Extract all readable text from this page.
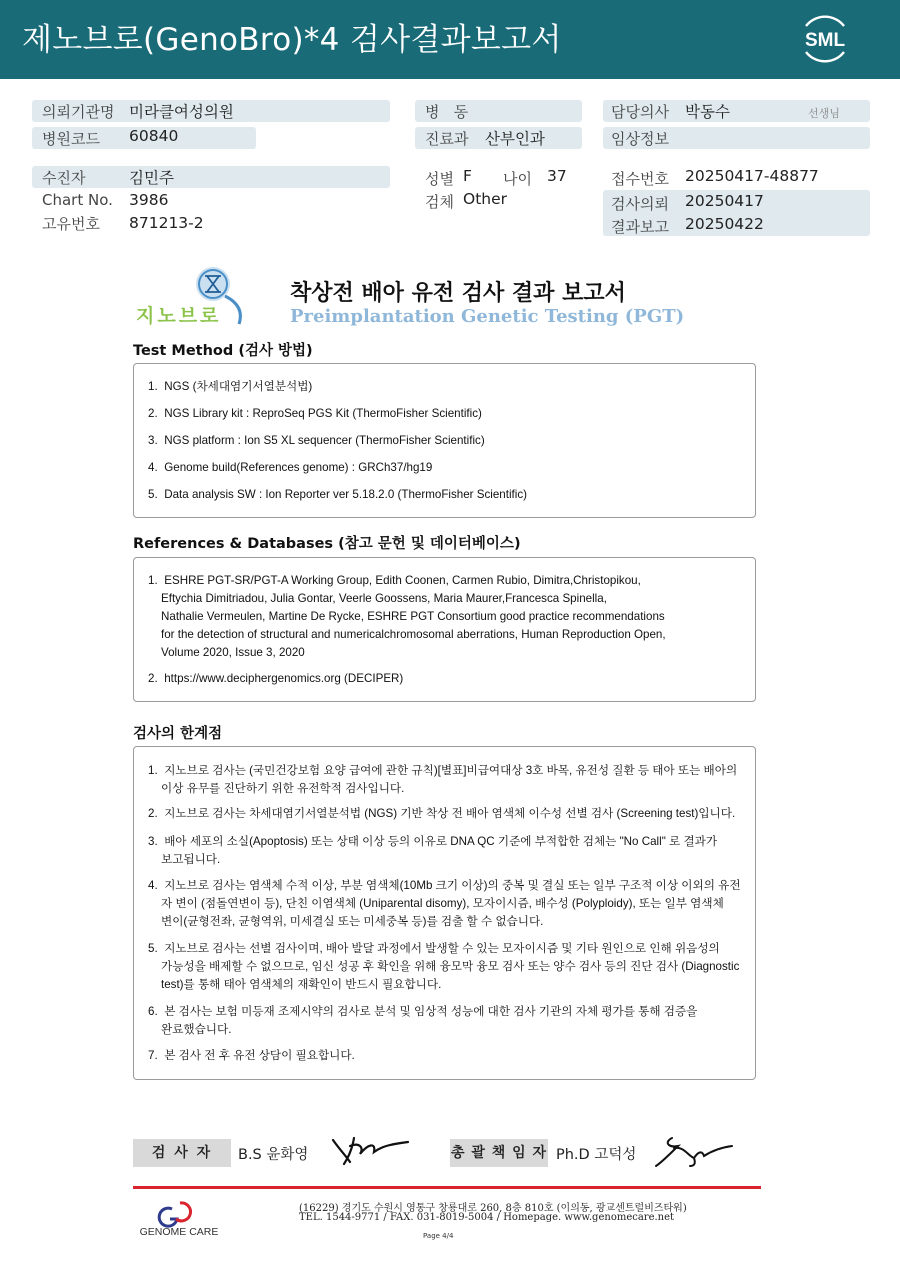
제노브로(GenoBro)*4 검사결과보고서	SML
의뢰기관명 미라클여성의원
병원코드 60840
병   동
진료과 산부인과
담당의사 박동수	선생님
임상정보
수진자	김민주
Chart No. 3986
고유번호 871213-2
성별 F 나이 37
검체 Other
접수번호 20250417-48877
검사의뢰 20250417
결과보고 20250422
지노브로
착상전 배아 유전 검사 결과 보고서
Preimplantation Genetic Testing (PGT)
Test Method (검사 방법)
1. NGS (차세대염기서열분석법)
2. NGS Library kit : ReproSeq PGS Kit (ThermoFisher Scientific)
3. NGS platform : Ion S5 XL sequencer (ThermoFisher Scientific)
4. Genome build(References genome) : GRCh37/hg19
5. Data analysis SW : Ion Reporter ver 5.18.2.0 (ThermoFisher Scientific)
References & Databases (참고 문헌 및 데이터베이스)
1. ESHRE PGT-SR/PGT-A Working Group, Edith Coonen, Carmen Rubio, Dimitra,Christopikou,
Eftychia Dimitriadou, Julia Gontar, Veerle Goossens, Maria Maurer,Francesca Spinella,
Nathalie Vermeulen, Martine De Rycke, ESHRE PGT Consortium good practice recommendations
for the detection of structural and numericalchromosomal aberrations, Human Reproduction Open,
Volume 2020, Issue 3, 2020
2. https://www.deciphergenomics.org (DECIPER)
검사의 한계점
1. 지노브로 검사는 (국민건강보험 요양 급여에 관한 규칙)[별표]비급여대상 3호 바목, 유전성 질환 등 태아 또는 배아의
이상 유무를 진단하기 위한 유전학적 검사입니다.
2. 지노브로 검사는 차세대염기서열분석법 (NGS) 기반 착상 전 배아 염색체 이수성 선별 검사 (Screening test)입니다.
3. 배아 세포의 소실(Apoptosis) 또는 상태 이상 등의 이유로 DNA QC 기준에 부적합한 검체는 "No Call" 로 결과가
보고됩니다.
4. 지노브로 검사는 염색체 수적 이상, 부분 염색체(10Mb 크기 이상)의 중복 및 결실 또는 일부 구조적 이상 이외의 유전
자 변이 (점돌연변이 등), 단친 이염색체 (Uniparental disomy), 모자이시즘, 배수성 (Polyploidy), 또는 일부 염색체
변이(균형전좌, 균형역위, 미세결실 또는 미세중복 등)를 검출 할 수 없습니다.
5. 지노브로 검사는 선별 검사이며, 배아 발달 과정에서 발생할 수 있는 모자이시즘 및 기타 원인으로 인해 위음성의
가능성을 배제할 수 없으므로, 임신 성공 후 확인을 위해 융모막 융모 검사 또는 양수 검사 등의 진단 검사 (Diagnostic
test)를 통해 태아 염색체의 재확인이 반드시 필요합니다.
6. 본 검사는 보험 미등재 조제시약의 검사로 분석 및 임상적 성능에 대한 검사 기관의 자체 평가를 통해 검증을
완료했습니다.
7. 본 검사 전 후 유전 상담이 필요합니다.
검 사 자	B.S 윤화영	총 괄 책 임 자 Ph.D 고덕성
GENOME CARE
(16229) 경기도 수원시 영통구 창룡대로 260, 8층 810호 (이의동, 광교센트럴비즈타워)
TEL. 1544-9771 / FAX. 031-8019-5004 / Homepage. www.genomecare.net
Page 4/4
